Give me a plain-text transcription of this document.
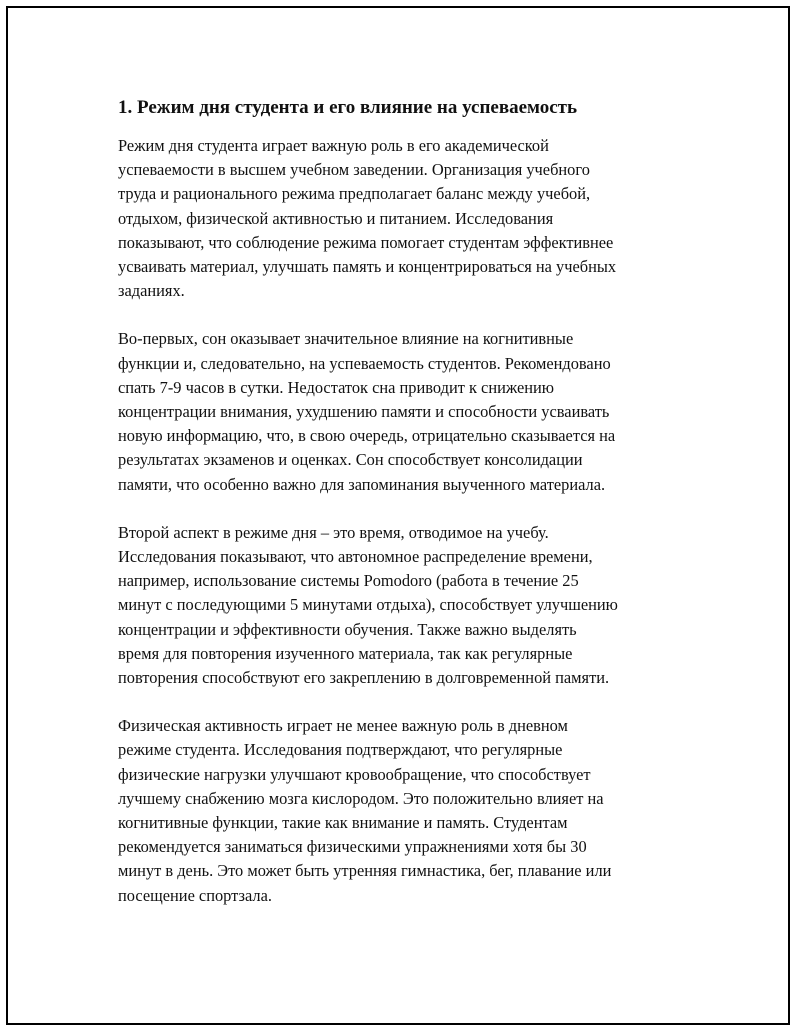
1. Режим дня студента и его влияние на успеваемость

Режим дня студента играет важную роль в его академической
успеваемости в высшем учебном заведении. Организация учебного
труда и рационального режима предполагает баланс между учебой,
отдыхом, физической активностью и питанием. Исследования
показывают, что соблюдение режима помогает студентам эффективнее
усваивать материал, улучшать память и концентрироваться на учебных
заданиях.

Во-первых, сон оказывает значительное влияние на когнитивные
функции и, следовательно, на успеваемость студентов. Рекомендовано
спать 7-9 часов в сутки. Недостаток сна приводит к снижению
концентрации внимания, ухудшению памяти и способности усваивать
новую информацию, что, в свою очередь, отрицательно сказывается на
результатах экзаменов и оценках. Сон способствует консолидации
памяти, что особенно важно для запоминания выученного материала.

Второй аспект в режиме дня – это время, отводимое на учебу.
Исследования показывают, что автономное распределение времени,
например, использование системы Pomodoro (работа в течение 25
минут с последующими 5 минутами отдыха), способствует улучшению
концентрации и эффективности обучения. Также важно выделять
время для повторения изученного материала, так как регулярные
повторения способствуют его закреплению в долговременной памяти.

Физическая активность играет не менее важную роль в дневном
режиме студента. Исследования подтверждают, что регулярные
физические нагрузки улучшают кровообращение, что способствует
лучшему снабжению мозга кислородом. Это положительно влияет на
когнитивные функции, такие как внимание и память. Студентам
рекомендуется заниматься физическими упражнениями хотя бы 30
минут в день. Это может быть утренняя гимнастика, бег, плавание или
посещение спортзала.
